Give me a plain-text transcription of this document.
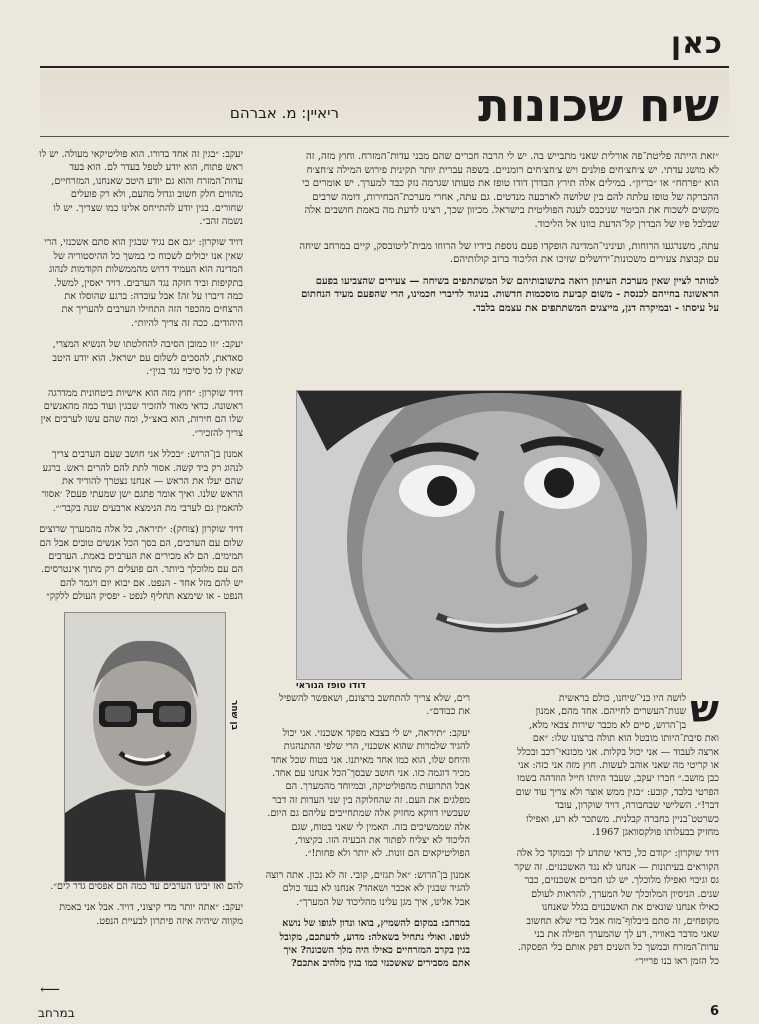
כאן
שיח שכונות
ריאיין: מ. אברהם

״זאת הייתה פליטת־פה אורלית שאני מתבייש בה. יש לי הרבה חברים שהם מבני עדות־המזרח. וחוץ מזה, זה לא מושג עדתי. יש צ׳חצ׳חים פולנים ויש צ׳חצ׳חים רומניים. בשפה עברית יותר תקינית פירוש המילה צ׳חצ׳ח הוא ״פרחח״ או ״בריון״. במילים אלה תירץ הבדרן דודו טופז את טעותו שגרמה נזק כבד למערך. יש אומרים כי ההברקה של טופז עלתה להם בין שלושה לארבעה מנדטים. גם עתה, אחרי מערכת־הבחירות, דומה שרבים מקשים לשכוח את הביטוי שניכבס לעגה הפוליטית בישראל. מכיוון שכך, רצינו לדעת מה באמת חושבים אלה שבלבל פיו של הבדרן קל־הדעת כוונו אל הליכוד.

עתה, משנרגעו הרוחות, ועיניני־המדינה הופקדו פעם נוספת בידיו של הרווזו מבית־ליטובסק, קיים במרחב שיחה עם קבוצת צעירים משכונות־ירושלים שזיכו את הליכוד ברוב קולותיהם.

למותר לציין שאין מערכת העיתון רואה בתשובותיהם של המשתתפים בשיחה — צעירים שהצביעו בפעם הראשונה בחייהם לכנסת - משום קביעת מוסכמות חדשות. בניגוד לדיברי חכמינו, הרי שהפעם מעיד הנחתום על עיסתו - ובמיקרה דנן, מייצגים המשתתפים את עצמם בלבד.

יעקב: ״בגין זה אחד בדורו. הוא פוליטיקאי מעולה. יש לו ראש פתוח, הוא יודע לטפל בעדר לם. הוא בעד עדות־המזרח והוא גם יודע היטב שאנחנו, המזרחיים, מהווים חלק חשוב וגדול מהעם, ולא רק פועלים שחורים. בגין יודע להתייחס אלינו כמו שצריך. יש לו נשמה זהב״.

דויד שוקרון: ״גם אם נגיד שבגין הוא סתם אשכנזי, הרי שאין אנו יכולים לשכוח כי במשך כל ההיסטוריה של המדינה הוא העמיד דרוש מהממשלות הקודמות לנהוג בתקיפות וביד חזקה נגד הערבים. דויד יאסין, למשל. כמה דיברו על זה! אבל עובדה: ברגע שהוסלו את הרצחים מהכפר הזה התחילו הערבים להעריך את היהודים. ככה זה צריך להיות״.

יעקב: ״זו כמובן הסיבה להחלטתו של הנשיא המצרי, סאדאת, להסכים לשלום עם ישראל. הוא יודע היטב שאין לו כל סיכוי נגד בגין״.

דויד שוקרון: ״חוץ מזה הוא אישיות ביטחונית ממדרגה ראשונה. כדאי מאוד להזכיר שבגין ועוד כמה מהאנשים שלו הם חירות, הוא באצ״ל, ומה שהם עשו לערבים אין צריך להזכיר״.

אמנון בן־הרוש: ״בכלל אני חושב שעם הערבים צריך לנהוג רק ביד קשה. אסור לתת להם להרים ראש. ברגע שהם יעלו את הראש — אנחנו נצטרך להוריד את הראש שלנו. ואיך אומר פתגם ישן שמעתי פעם? ׳אסור להאמין גם לערבי מת הנימצא ארבעים שנה בקבר׳״.

דויד שוקרון (צוחק): ״תיראה, כל אלה מהמערך שרוצים שלום עם הערבים, הם בסך הכל אנשים טובים אבל הם תמימים. הם לא מכירים את הערבים באמת. הערבים הם עם מלוכלך ביותר. הם פועלים רק מתוך אינטרסים. יש להם מזל אחד - הנפט. אם יבוא יום ויגמר להם הנפט - או שימצא תחליף לנפט - יפסיק העולם ללקק״

דודו טופז הנוראי
בן שחר

להם ואז יבינו הערבים עד כמה הם אפסים גדר לים״.

יעקב: ״אתה יותר מדי קיצוני, דויד. אבל אני באמת מקווה שיהיה איזה פיתרון לבעיית הנפט.

⟵

ש
לושה היו בני־שיחנו, כולם בראשית שנות־העשרים לחייהם. אחד מהם, אמנון בן־הרוש, סיים לא מכבר שירות צבאי מלא, ואת סיבת־היותו מובטל הוא תולה ברצונו שלו: ״אם ארצה לעבוד — אני יכול בקלות. אני מכונאי־רכב ובכלל או קריטי מה שאני אוהב לעשות. חוץ מזה אני כזה: אני כבן מושב.״ חברו יעקב, שעבד היותו חייל הוזדהה בשמו הפרטי בלבד, קובע: ״בגין ממש אוצר ולא צריך עוד שום דבר!״. השלישי שבחבורה, דויד שוקרון, עובד כשרטט־בניין בחברה קבלנית. משתכר לא רע, ואפילו מחזיק בבעלותו פולקסוואגן 1967.

דויד שוקרון: ״קודם כל, כדאי שתדע לך ובמוקד כל אלה הקוראים בעיתונות — אנחנו לא נגד האשכנזים. זה שקר גס וגיבוי ואפילו מלוכלך. יש לנו חברים אשכנזים, כבר שנים. הניסיון המלוכלך של המערך, להראות לעולם כאילו אנחנו שונאים את האשכנזים בגלל שאנחנו מקופחים, זה סתם ביבלוף־מוח אבל כדי שלא תחשוב שאני מדבר באוויר, דע לך שהמערך הפילה את בני עדות־המזרח ובמשך כל השנים דפק אותם בלי הפסקה. כל הזמן ראו בנו פרייר״

רים, שלא צריך להתחשב ברצונם, ושאפשר להשפיל את כבודם״.

יעקב: ״תיראה, יש לי בצבא מפקד אשכנזי. אני יכול להגיד שלמרות שהוא אשכנזי, הרי שלפי ההתנהגות והיחס שלו, הוא כמו אחד מאיתנו. אני בטוח שכל אחד מכיר דוגמה כזו. אני חושב שבסך־הכל אנחנו עם אחד. אבל התרועות מהפוליטיקה, ובמיוחד מהמערך. הם מפלגים את העם. זה שהחלוקה בין שני העדות זה דבר שעכשיו דווקא מחזיק אלה שמתחייבים עליהם גם היום. אלה שממשיכים בזה. תאמין לי שאני בטוח, שגם הליכוד לא יצליח לפתור את הבעיה הזו. בקיצור, הפוליטיקאים הם זונות. לא יותר ולא פחות!״.

אמנון בן־הרוש: ״אל תגזים, קובי. זה לא נכון. אתה רוצה להגיד שבגין לא אכבר ושאהד? אנחנו לא בעד כולם אבל אלינו, איך מגן עלינו מהליכוד של המערך״.

במרחב: במקום להשמיץ, בואו ונדון לגופו של נושא לגופו. ואולי נתחיל בשאלה: מדוע, לדעתכם, מקובל בגין בקרב המזרחיים כאילו היה מלך השכונה? איך אתם מסבירים שאשכנזי כמו בגין מלהיב אתכם?

במרחב	6
